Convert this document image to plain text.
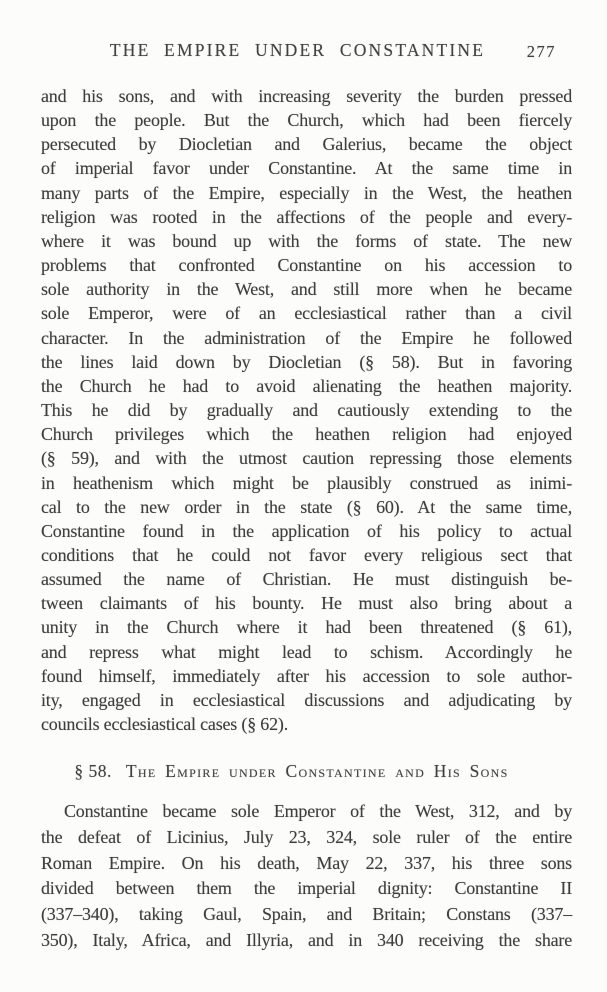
THE EMPIRE UNDER CONSTANTINE	277
and his sons, and with increasing severity the burden pressed
upon the people. But the Church, which had been fiercely
persecuted by Diocletian and Galerius, became the object
of imperial favor under Constantine. At the same time in
many parts of the Empire, especially in the West, the heathen
religion was rooted in the affections of the people and every-
where it was bound up with the forms of state. The new
problems that confronted Constantine on his accession to
sole authority in the West, and still more when he became
sole Emperor, were of an ecclesiastical rather than a civil
character. In the administration of the Empire he followed
the lines laid down by Diocletian (§ 58). But in favoring
the Church he had to avoid alienating the heathen majority.
This he did by gradually and cautiously extending to the
Church privileges which the heathen religion had enjoyed
(§ 59), and with the utmost caution repressing those elements
in heathenism which might be plausibly construed as inimi-
cal to the new order in the state (§ 60). At the same time,
Constantine found in the application of his policy to actual
conditions that he could not favor every religious sect that
assumed the name of Christian. He must distinguish be-
tween claimants of his bounty. He must also bring about a
unity in the Church where it had been threatened (§ 61),
and repress what might lead to schism. Accordingly he
found himself, immediately after his accession to sole author-
ity, engaged in ecclesiastical discussions and adjudicating by
councils ecclesiastical cases (§ 62).
§ 58. The Empire under Constantine and His Sons
Constantine became sole Emperor of the West, 312, and by
the defeat of Licinius, July 23, 324, sole ruler of the entire
Roman Empire. On his death, May 22, 337, his three sons
divided between them the imperial dignity: Constantine II
(337–340), taking Gaul, Spain, and Britain; Constans (337–
350), Italy, Africa, and Illyria, and in 340 receiving the share
